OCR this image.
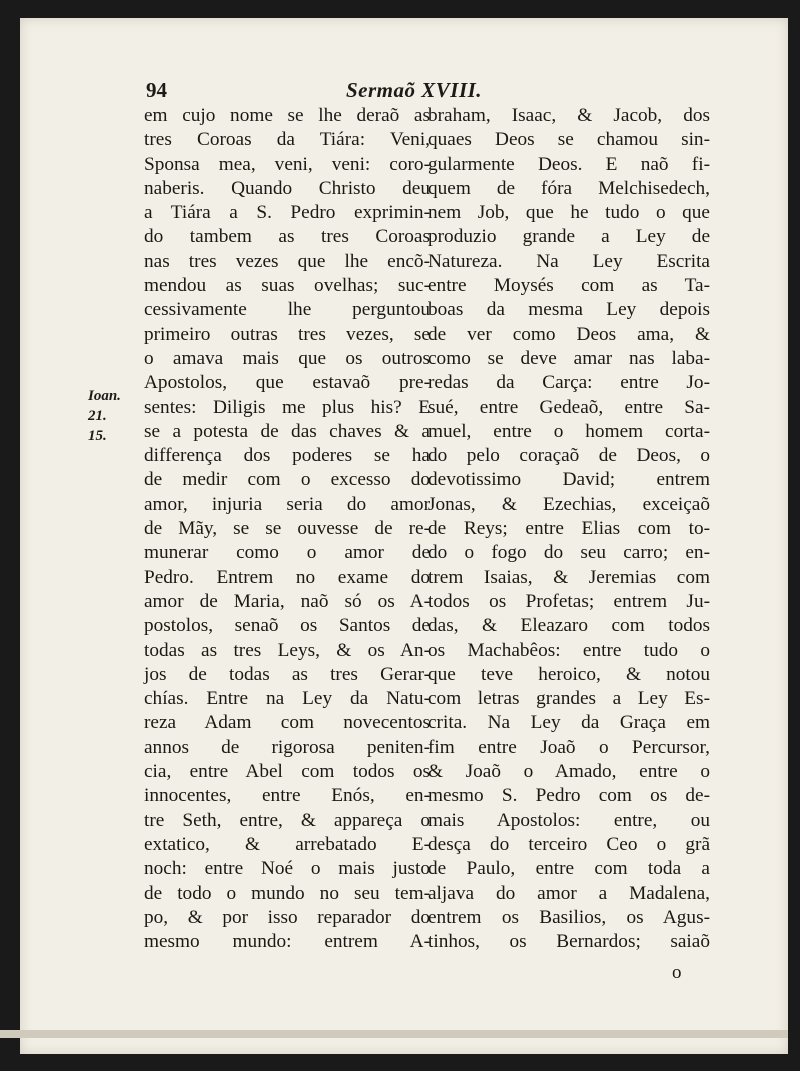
94	Sermaõ XVIII.
Ioan.
21.
15.
em cujo nome se lhe deraõ as
tres Coroas da Tiára: Veni,
Sponsa mea, veni, veni: coro-
naberis. Quando Christo deu
a Tiára a S. Pedro exprimin-
do tambem as tres Coroas
nas tres vezes que lhe encõ-
mendou as suas ovelhas; suc-
cessivamente lhe perguntou
primeiro outras tres vezes, se
o amava mais que os outros
Apostolos, que estavaõ pre-
sentes: Diligis me plus his? E
se a potesta de das chaves & a
differença dos poderes se ha
de medir com o excesso do
amor, injuria seria do amor
de Mãy, se se ouvesse de re-
munerar como o amor de
Pedro. Entrem no exame do
amor de Maria, naõ só os A-
postolos, senaõ os Santos de
todas as tres Leys, & os An-
jos de todas as tres Gerar-
chías. Entre na Ley da Natu-
reza Adam com novecentos
annos de rigorosa peniten-
cia, entre Abel com todos os
innocentes, entre Enós, en-
tre Seth, entre, & appareça o
extatico, & arrebatado E-
noch: entre Noé o mais justo
de todo o mundo no seu tem-
po, & por isso reparador do
mesmo mundo: entrem A-
braham, Isaac, & Jacob, dos
quaes Deos se chamou sin-
gularmente Deos. E naõ fi-
quem de fóra Melchisedech,
nem Job, que he tudo o que
produzio grande a Ley de
Natureza. Na Ley Escrita
entre Moysés com as Ta-
boas da mesma Ley depois
de ver como Deos ama, &
como se deve amar nas laba-
redas da Carça: entre Jo-
sué, entre Gedeaõ, entre Sa-
muel, entre o homem corta-
do pelo coraçaõ de Deos, o
devotissimo David; entrem
Jonas, & Ezechias, exceiçaõ
de Reys; entre Elias com to-
do o fogo do seu carro; en-
trem Isaias, & Jeremias com
todos os Profetas; entrem Ju-
das, & Eleazaro com todos
os Machabêos: entre tudo o
que teve heroico, & notou
com letras grandes a Ley Es-
crita. Na Ley da Graça em
fim entre Joaõ o Percursor,
& Joaõ o Amado, entre o
mesmo S. Pedro com os de-
mais Apostolos: entre, ou
desça do terceiro Ceo o grã
de Paulo, entre com toda a
aljava do amor a Madalena,
entrem os Basilios, os Agus-
tinhos, os Bernardos; saiaõ
o
